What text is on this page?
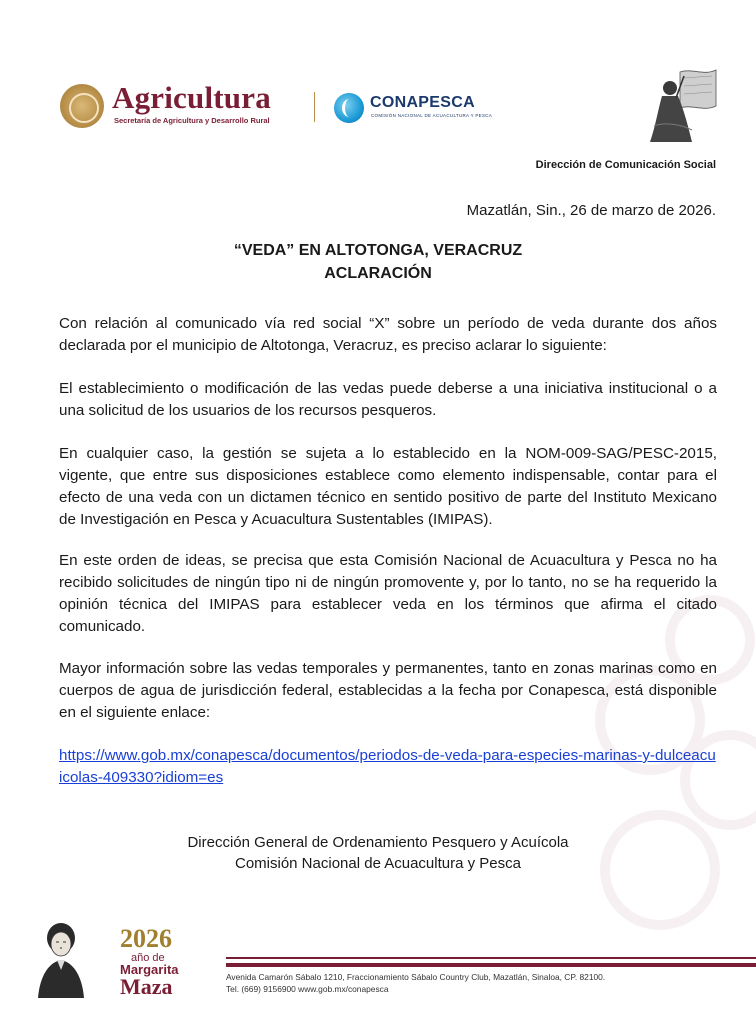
Agricultura
Secretaría de Agricultura y Desarrollo Rural
CONAPESCA
COMISIÓN NACIONAL DE ACUACULTURA Y PESCA
Dirección de Comunicación Social
Mazatlán, Sin., 26 de marzo de 2026.
“VEDA” EN ALTOTONGA, VERACRUZ
ACLARACIÓN
Con relación al comunicado vía red social “X” sobre un período de veda durante dos años declarada por el municipio de Altotonga, Veracruz, es preciso aclarar lo siguiente:
El establecimiento o modificación de las vedas puede deberse a una iniciativa institucional o a una solicitud de los usuarios de los recursos pesqueros.
En cualquier caso, la gestión se sujeta a lo establecido en la NOM-009-SAG/PESC-2015, vigente, que entre sus disposiciones establece como elemento indispensable, contar para el efecto de una veda con un dictamen técnico en sentido positivo de parte del Instituto Mexicano de Investigación en Pesca y Acuacultura Sustentables (IMIPAS).
En este orden de ideas, se precisa que esta Comisión Nacional de Acuacultura y Pesca no ha recibido solicitudes de ningún tipo ni de ningún promovente y, por lo tanto, no se ha requerido la opinión técnica del IMIPAS para establecer veda en los términos que afirma el citado comunicado.
Mayor información sobre las vedas temporales y permanentes, tanto en zonas marinas como en cuerpos de agua de jurisdicción federal, establecidas a la fecha por Conapesca, está disponible en el siguiente enlace:
https://www.gob.mx/conapesca/documentos/periodos-de-veda-para-especies-marinas-y-dulceacuicolas-409330?idiom=es
Dirección General de Ordenamiento Pesquero y Acuícola
Comisión Nacional de Acuacultura y Pesca
2026
año de
Margarita
Maza	Avenida Camarón Sábalo 1210, Fraccionamiento Sábalo Country Club, Mazatlán, Sinaloa, CP. 82100.
Tel. (669) 9156900 www.gob.mx/conapesca
